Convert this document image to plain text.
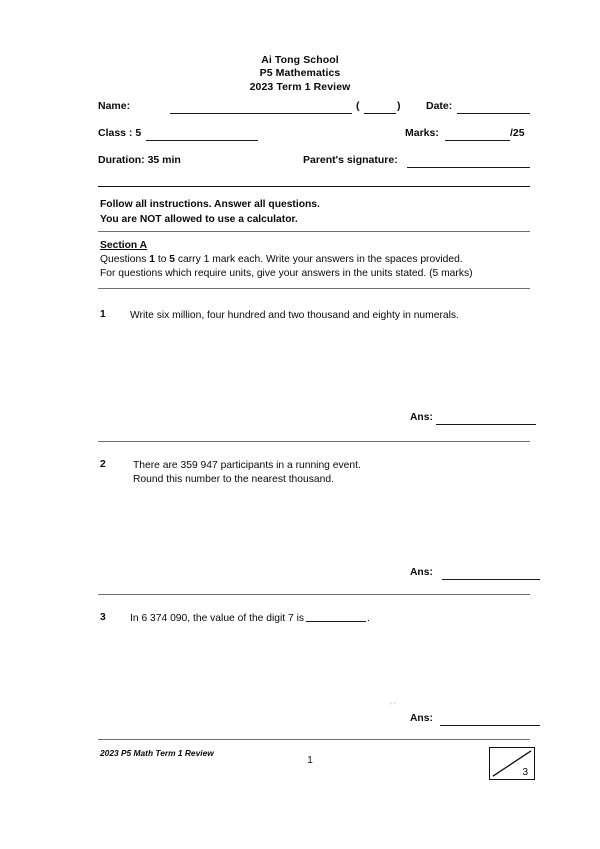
Ai Tong School
P5 Mathematics
2023 Term 1 Review
Name:	(	) Date:
Class : 5	Marks:	/25
Duration: 35 min	Parent's signature:
Follow all instructions. Answer all questions.
You are NOT allowed to use a calculator.
Section A
Questions 1 to 5 carry 1 mark each. Write your answers in the spaces provided.
For questions which require units, give your answers in the units stated. (5 marks)
1 Write six million, four hundred and two thousand and eighty in numerals.
Ans:
2	There are 359 947 participants in a running event.
Round this number to the nearest thousand.
Ans:
3 In 6 374 090, the value of the digit 7 is	.
⸌⸍
Ans:
2023 P5 Math Term 1 Review
1
3
